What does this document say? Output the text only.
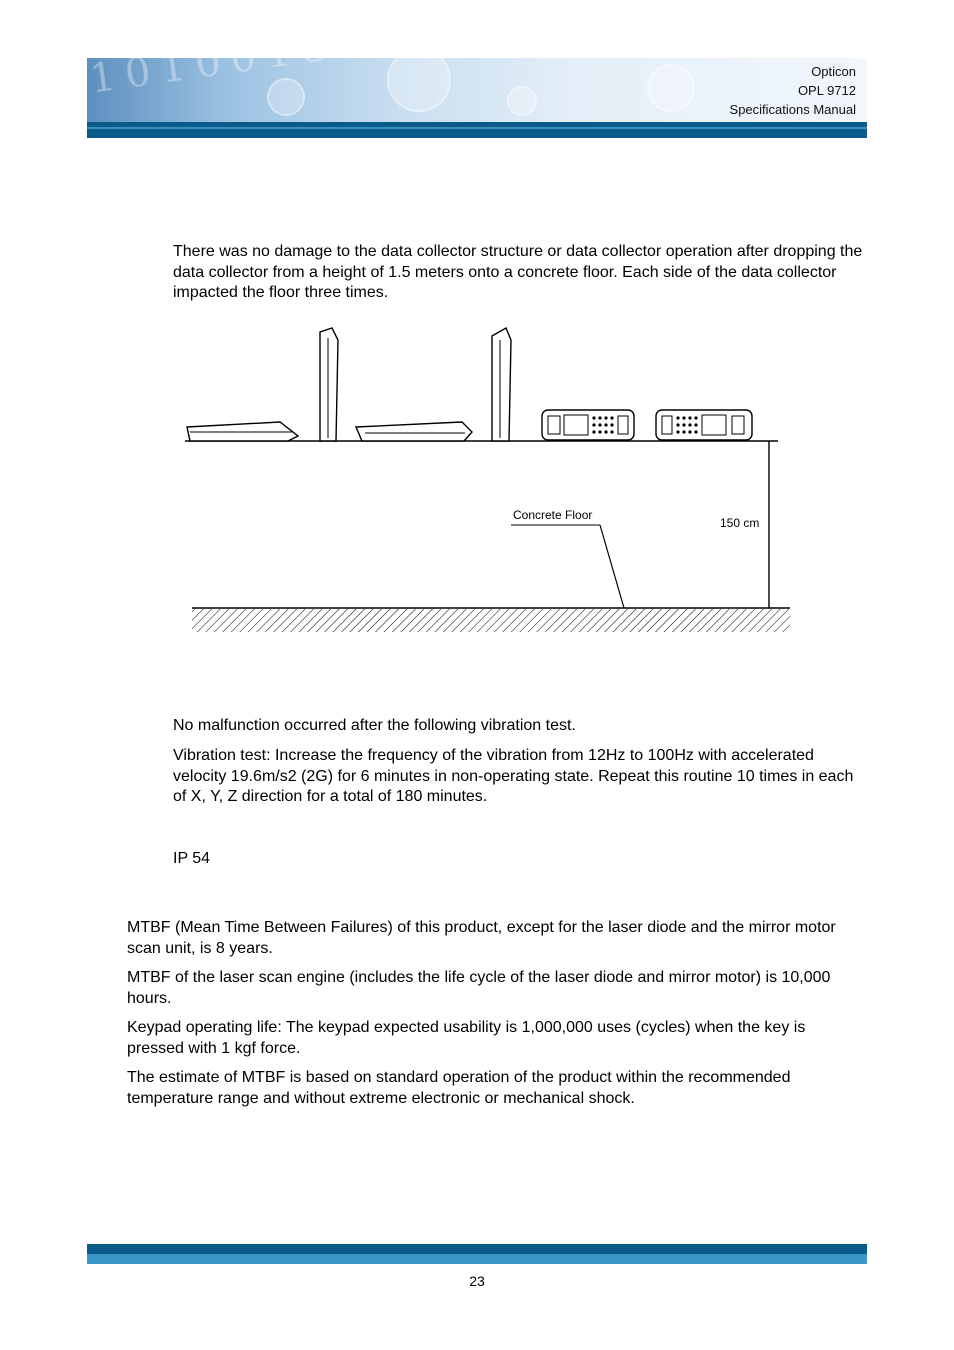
1010018101
Opticon
OPL 9712
Specifications Manual

There was no damage to the data collector structure or data collector operation after dropping the data collector from a height of 1.5 meters onto a concrete floor. Each side of the data collector impacted the floor three times.

150 cm
Concrete Floor

No malfunction occurred after the following vibration test.

Vibration test: Increase the frequency of the vibration from 12Hz to 100Hz with accelerated velocity 19.6m/s2 (2G) for 6 minutes in non-operating state. Repeat this routine 10 times in each of X, Y, Z direction for a total of 180 minutes.

IP 54

MTBF (Mean Time Between Failures) of this product, except for the laser diode and the mirror motor scan unit, is 8 years.

MTBF of the laser scan engine (includes the life cycle of the laser diode and mirror motor) is 10,000 hours.

Keypad operating life: The keypad expected usability is 1,000,000 uses (cycles) when the key is pressed with 1 kgf force.

The estimate of MTBF is based on standard operation of the product within the recommended temperature range and without extreme electronic or mechanical shock.

23
